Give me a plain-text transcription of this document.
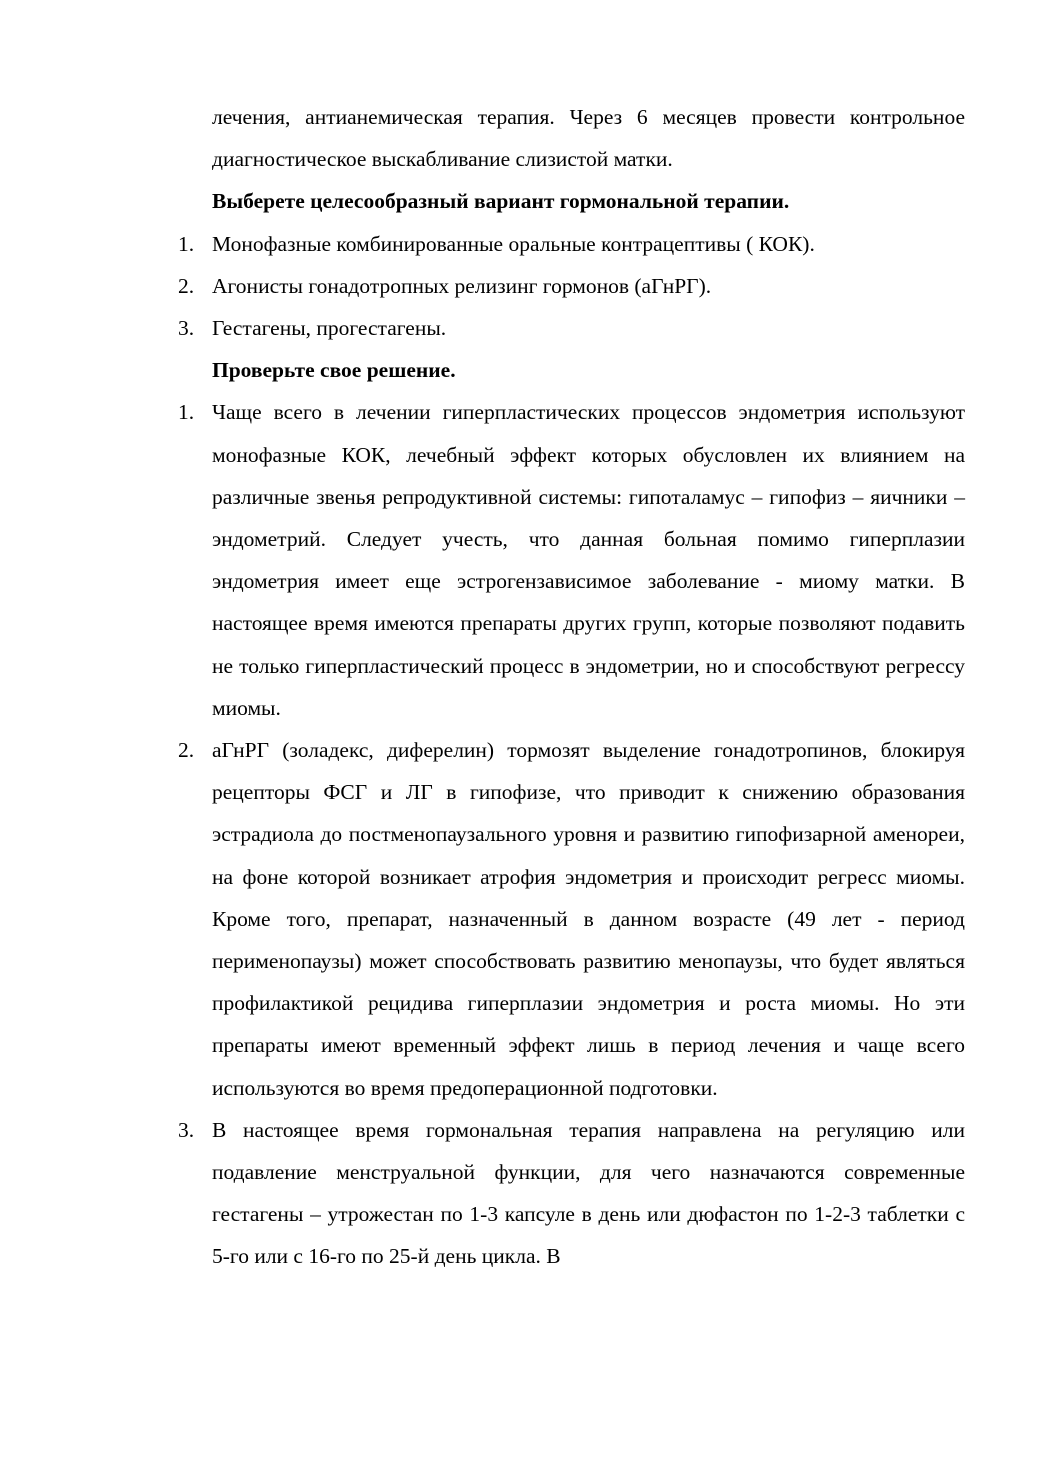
лечения, антианемическая терапия. Через 6 месяцев провести контрольное диагностическое выскабливание слизистой матки.

Выберете целесообразный вариант гормональной терапии.

1. Монофазные комбинированные оральные контрацептивы ( КОК).

2. Агонисты гонадотропных релизинг гормонов (аГнРГ).

3. Гестагены, прогестагены.

Проверьте свое решение.

1. Чаще всего в лечении гиперпластических процессов эндометрия используют монофазные КОК, лечебный эффект которых обусловлен их влиянием на различные звенья репродуктивной системы: гипоталамус – гипофиз – яичники – эндометрий. Следует учесть, что данная больная помимо гиперплазии эндометрия имеет еще эстрогензависимое заболевание - миому матки. В настоящее время имеются препараты других групп, которые позволяют подавить не только гиперпластический процесс в эндометрии, но и способствуют регрессу миомы.

2. аГнРГ (золадекс, диферелин) тормозят выделение гонадотропинов, блокируя рецепторы ФСГ и ЛГ в гипофизе, что приводит к снижению образования эстрадиола до постменопаузального уровня и развитию гипофизарной аменореи, на фоне которой возникает атрофия эндометрия и происходит регресс миомы. Кроме того, препарат, назначенный в данном возрасте (49 лет - период перименопаузы) может способствовать развитию менопаузы, что будет являться профилактикой рецидива гиперплазии эндометрия и роста миомы. Но эти препараты имеют временный эффект лишь в период лечения и чаще всего используются во время предоперационной подготовки.

3. В настоящее время гормональная терапия направлена на регуляцию или подавление менструальной функции, для чего назначаются современные гестагены – утрожестан по 1-3 капсуле в день или дюфастон по 1-2-3 таблетки с 5-го или с 16-го по 25-й день цикла. В
